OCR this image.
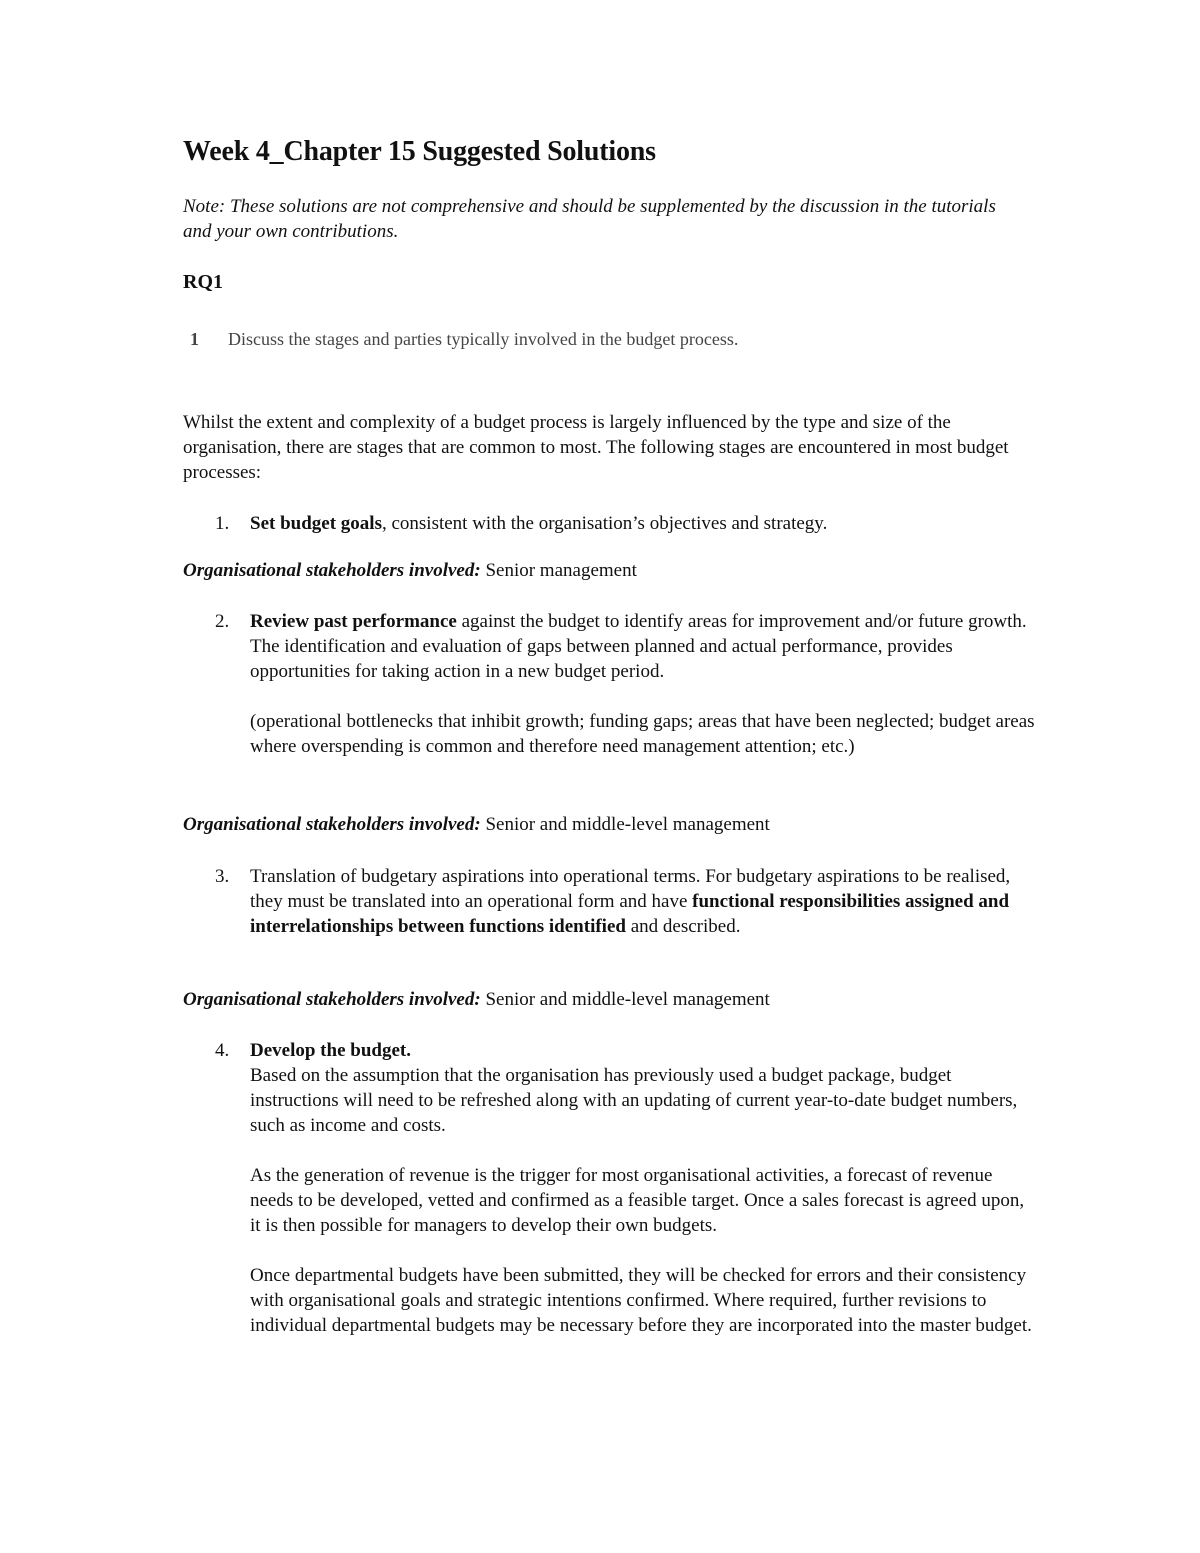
Week 4_Chapter 15 Suggested Solutions
Note: These solutions are not comprehensive and should be supplemented by the discussion in the tutorials and your own contributions.
RQ1
1 Discuss the stages and parties typically involved in the budget process.
Whilst the extent and complexity of a budget process is largely influenced by the type and size of the organisation, there are stages that are common to most. The following stages are encountered in most budget processes:
1. Set budget goals, consistent with the organisation’s objectives and strategy.
Organisational stakeholders involved: Senior management
2. Review past performance against the budget to identify areas for improvement and/or future growth. The identification and evaluation of gaps between planned and actual performance, provides opportunities for taking action in a new budget period.
(operational bottlenecks that inhibit growth; funding gaps; areas that have been neglected; budget areas where overspending is common and therefore need management attention; etc.)
Organisational stakeholders involved: Senior and middle-level management
3. Translation of budgetary aspirations into operational terms. For budgetary aspirations to be realised, they must be translated into an operational form and have functional responsibilities assigned and interrelationships between functions identified and described.
Organisational stakeholders involved: Senior and middle-level management
4. Develop the budget.
Based on the assumption that the organisation has previously used a budget package, budget instructions will need to be refreshed along with an updating of current year-to-date budget numbers, such as income and costs.
As the generation of revenue is the trigger for most organisational activities, a forecast of revenue needs to be developed, vetted and confirmed as a feasible target. Once a sales forecast is agreed upon, it is then possible for managers to develop their own budgets.
Once departmental budgets have been submitted, they will be checked for errors and their consistency with organisational goals and strategic intentions confirmed. Where required, further revisions to individual departmental budgets may be necessary before they are incorporated into the master budget.
